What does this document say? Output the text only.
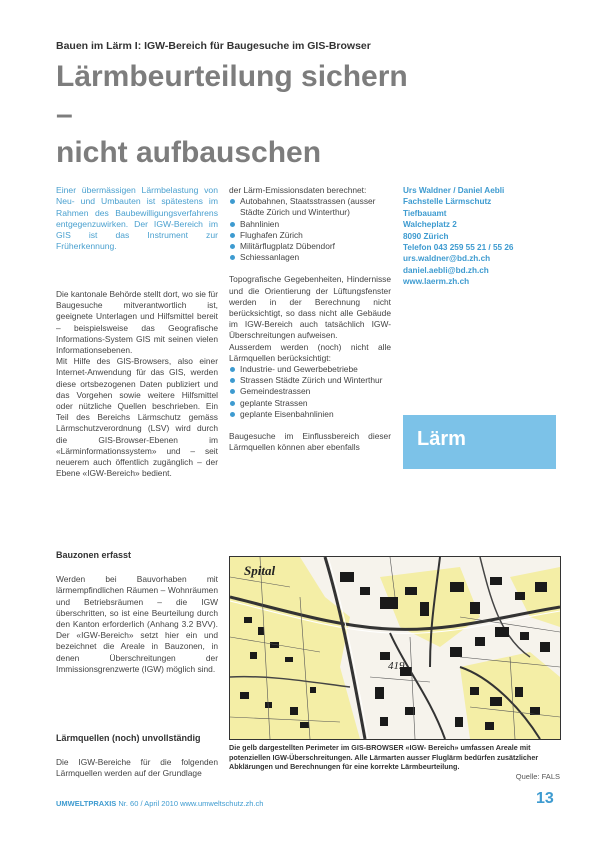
Bauen im Lärm I: IGW-Bereich für Baugesuche im GIS-Browser
Lärmbeurteilung sichern –
nicht aufbauschen
Einer übermässigen Lärmbelastung von Neu- und Umbauten ist spätestens im Rahmen des Baubewilligungsverfahrens entgegenzuwirken. Der IGW-Bereich im GIS ist das Instrument zur Früherkennung.

Die kantonale Behörde stellt dort, wo sie für Baugesuche mitverantwortlich ist, geeignete Unterlagen und Hilfsmittel bereit – beispielsweise das Geografische Informations-System GIS mit seinen vielen Informationsebenen.

Mit Hilfe des GIS-Browsers, also einer Internet-Anwendung für das GIS, werden diese ortsbezogenen Daten publiziert und das Vorgehen sowie weitere Hilfsmittel oder nützliche Quellen beschrieben. Ein Teil des Bereichs Lärmschutz gemäss Lärmschutzverordnung (LSV) wird durch die GIS-Browser-Ebenen im «Lärminformationssystem» und – seit neuerem auch öffentlich zugänglich – der Ebene «IGW-Bereich» bedient.

der Lärm-Emissionsdaten berechnet:
Autobahnen, Staatsstrassen (ausser Städte Zürich und Winterthur)
Bahnlinien
Flughafen Zürich
Militärflugplatz Dübendorf
Schiessanlagen

Topografische Gegebenheiten, Hindernisse und die Orientierung der Lüftungsfenster werden in der Berechnung nicht berücksichtigt, so dass nicht alle Gebäude im IGW-Bereich auch tatsächlich IGW-Überschreitungen aufweisen.

Ausserdem werden (noch) nicht alle Lärmquellen berücksichtigt:

Industrie- und Gewerbebetriebe
Strassen Städte Zürich und Winterthur
Gemeindestrassen
geplante Strassen
geplante Eisenbahnlinien

Baugesuche im Einflussbereich dieser Lärmquellen können aber ebenfalls

Urs Waldner / Daniel Aebli
Fachstelle Lärmschutz
Tiefbauamt
Walcheplatz 2
8090 Zürich
Telefon 043 259 55 21 / 55 26
urs.waldner@bd.zh.ch
daniel.aebli@bd.zh.ch
www.laerm.zh.ch
Lärm
Bauzonen erfasst
Werden bei Bauvorhaben mit lärmempfindlichen Räumen – Wohnräumen und Betriebsräumen – die IGW überschritten, so ist eine Beurteilung durch den Kanton erforderlich (Anhang 3.2 BVV). Der «IGW-Bereich» setzt hier ein und bezeichnet die Areale in Bauzonen, in denen Überschreitungen der Immissionsgrenzwerte (IGW) möglich sind.
Lärmquellen (noch) unvollständig
Die IGW-Bereiche für die folgenden Lärmquellen werden auf der Grundlage
Spital
419
Die gelb dargestellten Perimeter im GIS-BROWSER «IGW- Bereich» umfassen Areale mit potenziellen IGW-Überschreitungen. Alle Lärmarten ausser Fluglärm bedürfen zusätzlicher Abklärungen und Berechnungen für eine korrekte Lärmbeurteilung.
Quelle: FALS
UMWELTPRAXIS Nr. 60 / April 2010 www.umweltschutz.zh.ch	13
